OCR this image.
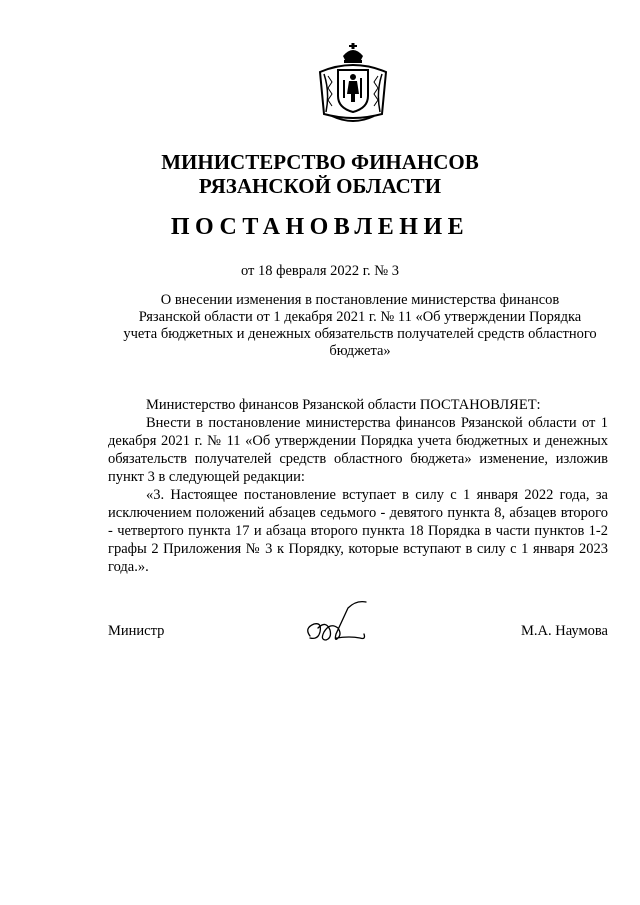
МИНИСТЕРСТВО ФИНАНСОВ
РЯЗАНСКОЙ ОБЛАСТИ
ПОСТАНОВЛЕНИЕ
от 18 февраля 2022 г. № 3
О внесении изменения в постановление министерства финансов
Рязанской области от 1 декабря 2021 г. № 11 «Об утверждении Порядка
учета бюджетных и денежных обязательств получателей средств областного
бюджета»

Министерство финансов Рязанской области ПОСТАНОВЛЯЕТ:

Внести в постановление министерства финансов Рязанской области от 1 декабря 2021 г. № 11 «Об утверждении Порядка учета бюджетных и денежных обязательств получателей средств областного бюджета» изменение, изложив пункт 3 в следующей редакции:

«3. Настоящее постановление вступает в силу с 1 января 2022 года, за исключением положений абзацев седьмого - девятого пункта 8, абзацев второго - четвертого пункта 17 и абзаца второго пункта 18 Порядка в части пунктов 1-2 графы 2 Приложения № 3 к Порядку, которые вступают в силу с 1 января 2023 года.».

Министр	М.А. Наумова
